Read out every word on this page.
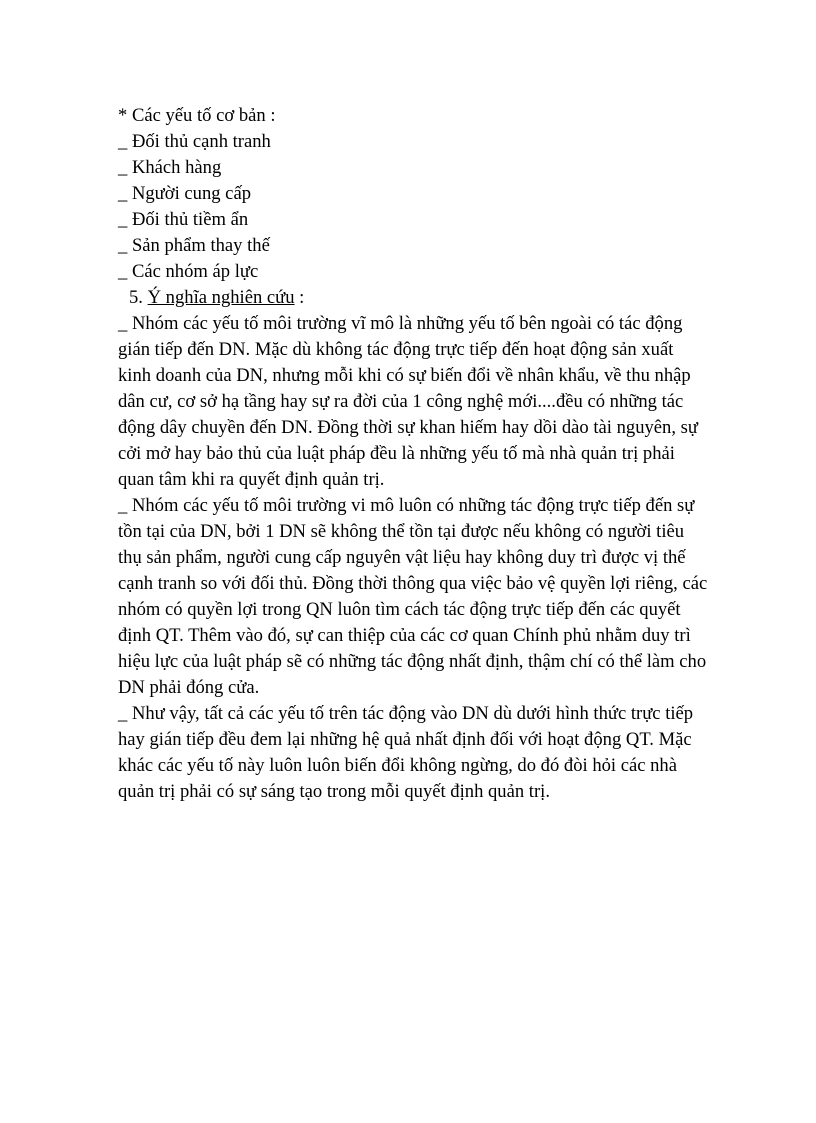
* Các yếu tố cơ bản :

_ Đối thủ cạnh tranh

_ Khách hàng

_ Người cung cấp

_ Đối thủ tiềm ẩn

_ Sản phẩm thay thế

_ Các nhóm áp lực

5. Ý nghĩa nghiên cứu :

_ Nhóm các yếu tố môi trường vĩ mô là những yếu tố bên ngoài có tác động gián tiếp đến DN. Mặc dù không tác động trực tiếp đến hoạt động sản xuất kinh doanh của DN, nhưng mỗi khi có sự biến đổi về nhân khẩu, về thu nhập dân cư, cơ sở hạ tầng hay sự ra đời của 1 công nghệ mới....đều có những tác động dây chuyền đến DN. Đồng thời sự khan hiếm hay dồi dào tài nguyên, sự cởi mở hay bảo thủ của luật pháp đều là những yếu tố mà nhà quản trị phải quan tâm khi ra quyết định quản trị.

_ Nhóm các yếu tố môi trường vi mô luôn có những tác động trực tiếp đến sự tồn tại của DN, bởi 1 DN sẽ không thể tồn tại được nếu không có người tiêu thụ sản phẩm, người cung cấp nguyên vật liệu hay không duy trì được vị thế cạnh tranh so với đối thủ. Đồng thời thông qua việc bảo vệ quyền lợi riêng, các nhóm có quyền lợi trong QN luôn tìm cách tác động trực tiếp đến các quyết định QT. Thêm vào đó, sự can thiệp của các cơ quan Chính phủ nhằm duy trì hiệu lực của luật pháp sẽ có những tác động nhất định, thậm chí có thể làm cho DN phải đóng cửa.

_ Như vậy, tất cả các yếu tố trên tác động vào DN dù dưới hình thức trực tiếp hay gián tiếp đều đem lại những hệ quả nhất định đối với hoạt động QT. Mặc khác các yếu tố này luôn luôn biến đổi không ngừng, do đó đòi hỏi các nhà quản trị phải có sự sáng tạo trong mỗi quyết định quản trị.
